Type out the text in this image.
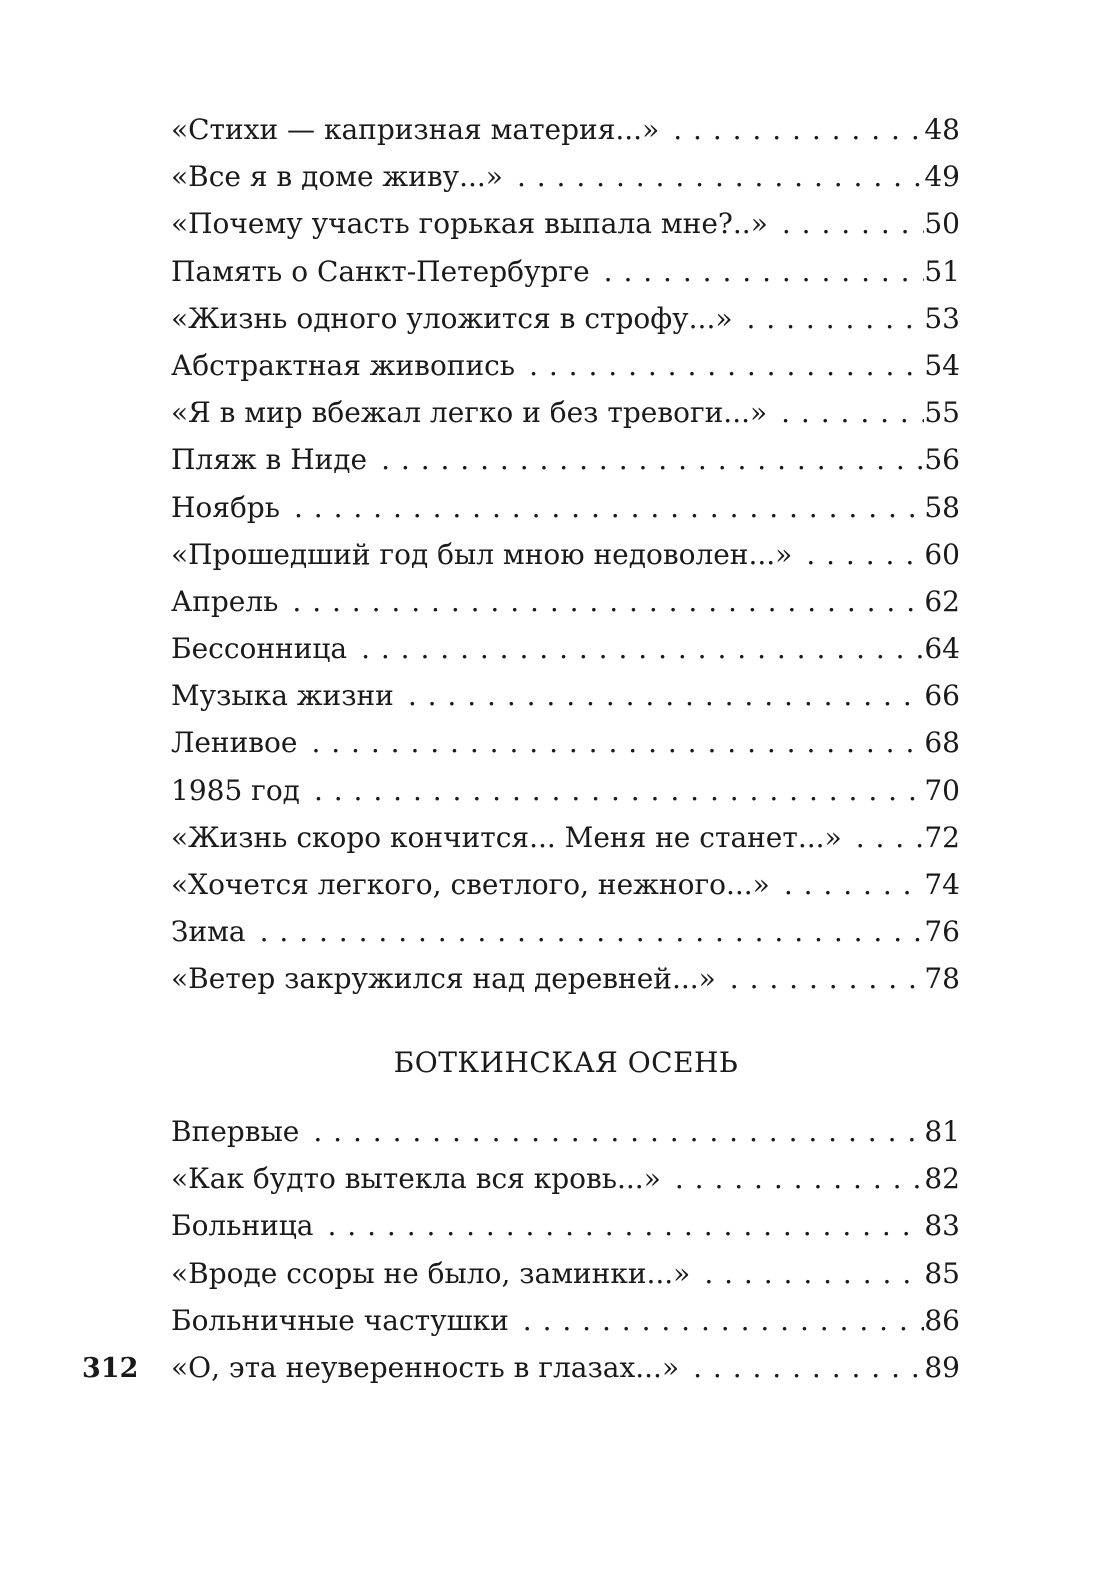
«Стихи — капризная материя...» . . .	48
«Все я в доме живу...» . . .	49
«Почему участь горькая выпала мне?..» . . .	50
Память о Санкт-Петербурге . . .	51
«Жизнь одного уложится в строфу...» . . .	53
Абстрактная живопись . . .	54
«Я в мир вбежал легко и без тревоги...» . . .	55
Пляж в Ниде . . .	56
Ноябрь . . .	58
«Прошедший год был мною недоволен...» . . .	60
Апрель . . .	62
Бессонница . . .	64
Музыка жизни . . .	66
Ленивое . . .	68
1985 год . . .	70
«Жизнь скоро кончится... Меня не станет...» . . .	72
«Хочется легкого, светлого, нежного...» . . .	74
Зима . . .	76
«Ветер закружился над деревней...» . . .	78
БОТКИНСКАЯ ОСЕНЬ
Впервые . . .	81
«Как будто вытекла вся кровь...» . . .	82
Больница . . .	83
«Вроде ссоры не было, заминки...» . . .	85
Больничные частушки . . .	86
«О, эта неуверенность в глазах...» . . .	89
312
